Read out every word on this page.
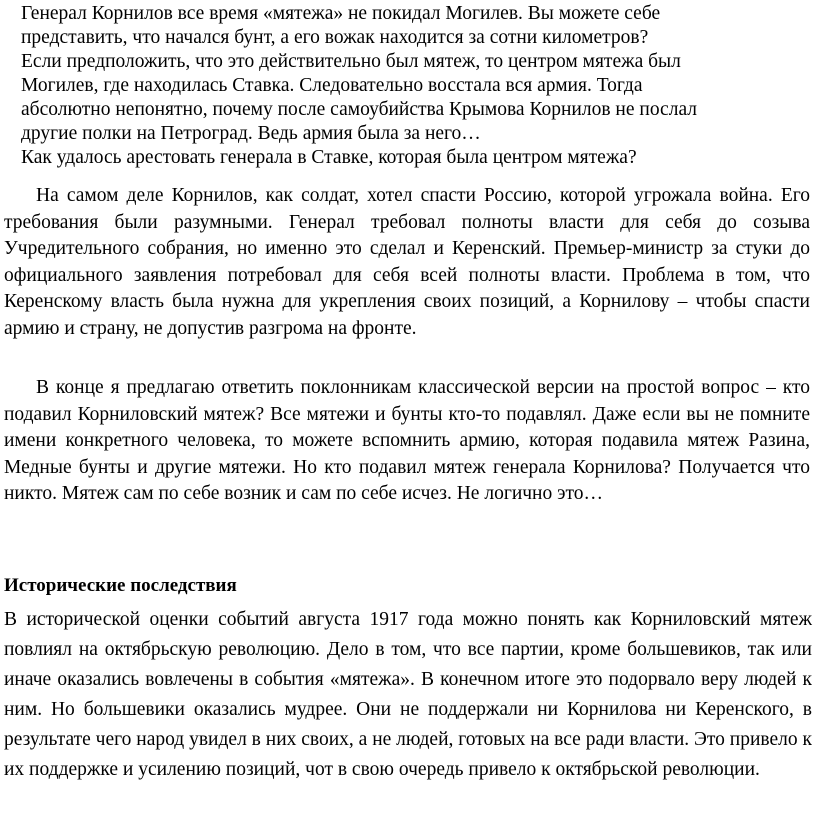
Генерал Корнилов все время «мятежа» не покидал Могилев. Вы можете себе
представить, что начался бунт, а его вожак находится за сотни километров?
Если предположить, что это действительно был мятеж, то центром мятежа был
Могилев, где находилась Ставка. Следовательно восстала вся армия. Тогда
абсолютно непонятно, почему после самоубийства Крымова Корнилов не послал
другие полки на Петроград. Ведь армия была за него…
Как удалось арестовать генерала в Ставке, которая была центром мятежа?

На самом деле Корнилов, как солдат, хотел спасти Россию, которой угрожала война. Его требования были разумными. Генерал требовал полноты власти для себя до созыва Учредительного собрания, но именно это сделал и Керенский. Премьер-министр за стуки до официального заявления потребовал для себя всей полноты власти. Проблема в том, что Керенскому власть была нужна для укрепления своих позиций, а Корнилову – чтобы спасти армию и страну, не допустив разгрома на фронте.

В конце я предлагаю ответить поклонникам классической версии на простой вопрос – кто подавил Корниловский мятеж? Все мятежи и бунты кто-то подавлял. Даже если вы не помните имени конкретного человека, то можете вспомнить армию, которая подавила мятеж Разина, Медные бунты и другие мятежи. Но кто подавил мятеж генерала Корнилова? Получается что никто. Мятеж сам по себе возник и сам по себе исчез. Не логично это…

Исторические последствия

В исторической оценки событий августа 1917 года можно понять как Корниловский мятеж повлиял на октябрьскую революцию. Дело в том, что все партии, кроме большевиков, так или иначе оказались вовлечены в события «мятежа». В конечном итоге это подорвало веру людей к ним. Но большевики оказались мудрее. Они не поддержали ни Корнилова ни Керенского, в результате чего народ увидел в них своих, а не людей, готовых на все ради власти. Это привело к их поддержке и усилению позиций, чот в свою очередь привело к октябрьской революции.
